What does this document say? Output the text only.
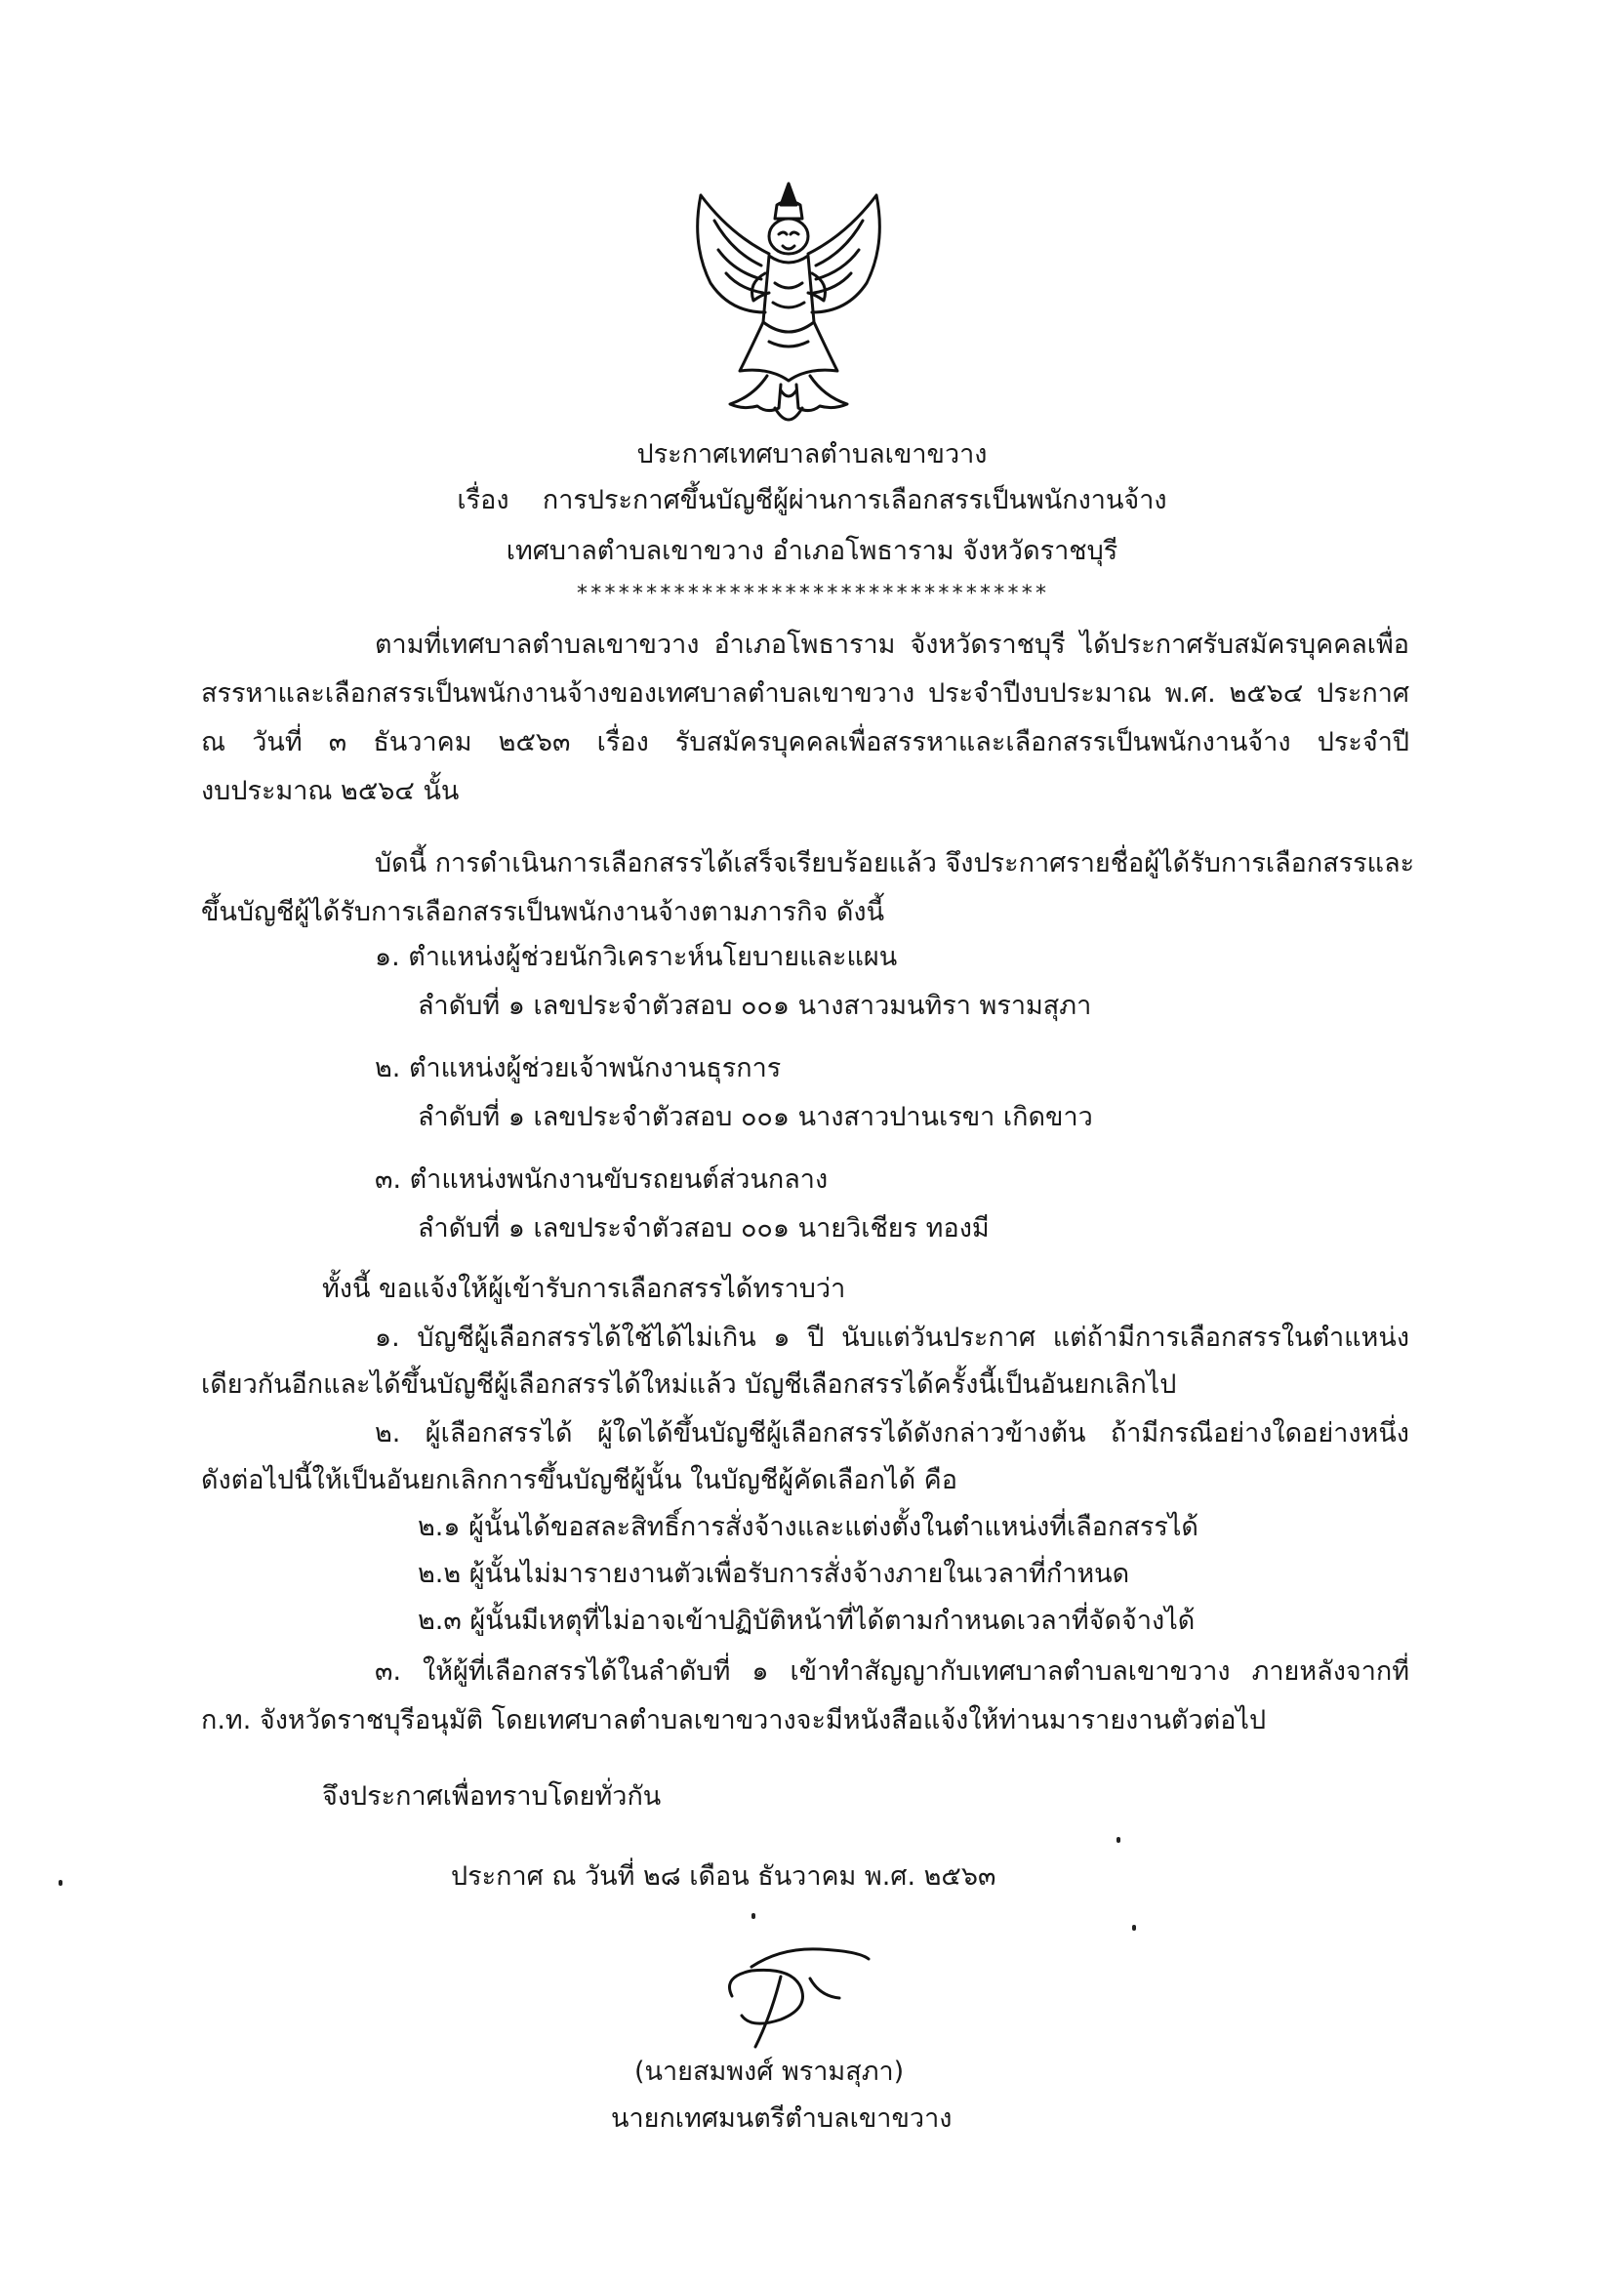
ประกาศเทศบาลตำบลเขาขวาง
เรื่อง การประกาศขึ้นบัญชีผู้ผ่านการเลือกสรรเป็นพนักงานจ้าง
เทศบาลตำบลเขาขวาง อำเภอโพธาราม จังหวัดราชบุรี
**********************************
ตามที่เทศบาลตำบลเขาขวาง อำเภอโพธาราม จังหวัดราชบุรี ได้ประกาศรับสมัครบุคคลเพื่อ
สรรหาและเลือกสรรเป็นพนักงานจ้างของเทศบาลตำบลเขาขวาง ประจำปีงบประมาณ พ.ศ. ๒๕๖๔ ประกาศ
ณ วันที่ ๓ ธันวาคม ๒๕๖๓ เรื่อง รับสมัครบุคคลเพื่อสรรหาและเลือกสรรเป็นพนักงานจ้าง ประจำปี
งบประมาณ ๒๕๖๔ นั้น
บัดนี้ การดำเนินการเลือกสรรได้เสร็จเรียบร้อยแล้ว จึงประกาศรายชื่อผู้ได้รับการเลือกสรรและ
ขึ้นบัญชีผู้ได้รับการเลือกสรรเป็นพนักงานจ้างตามภารกิจ ดังนี้
๑. ตำแหน่งผู้ช่วยนักวิเคราะห์นโยบายและแผน
ลำดับที่ ๑ เลขประจำตัวสอบ ๐๐๑ นางสาวมนทิรา พรามสุภา
๒. ตำแหน่งผู้ช่วยเจ้าพนักงานธุรการ
ลำดับที่ ๑ เลขประจำตัวสอบ ๐๐๑ นางสาวปานเรขา เกิดขาว
๓. ตำแหน่งพนักงานขับรถยนต์ส่วนกลาง
ลำดับที่ ๑ เลขประจำตัวสอบ ๐๐๑ นายวิเชียร ทองมี
ทั้งนี้ ขอแจ้งให้ผู้เข้ารับการเลือกสรรได้ทราบว่า
๑. บัญชีผู้เลือกสรรได้ใช้ได้ไม่เกิน ๑ ปี นับแต่วันประกาศ แต่ถ้ามีการเลือกสรรในตำแหน่ง
เดียวกันอีกและได้ขึ้นบัญชีผู้เลือกสรรได้ใหม่แล้ว บัญชีเลือกสรรได้ครั้งนี้เป็นอันยกเลิกไป
๒. ผู้เลือกสรรได้ ผู้ใดได้ขึ้นบัญชีผู้เลือกสรรได้ดังกล่าวข้างต้น ถ้ามีกรณีอย่างใดอย่างหนึ่ง
ดังต่อไปนี้ให้เป็นอันยกเลิกการขึ้นบัญชีผู้นั้น ในบัญชีผู้คัดเลือกได้ คือ
๒.๑ ผู้นั้นได้ขอสละสิทธิ์การสั่งจ้างและแต่งตั้งในตำแหน่งที่เลือกสรรได้
๒.๒ ผู้นั้นไม่มารายงานตัวเพื่อรับการสั่งจ้างภายในเวลาที่กำหนด
๒.๓ ผู้นั้นมีเหตุที่ไม่อาจเข้าปฏิบัติหน้าที่ได้ตามกำหนดเวลาที่จัดจ้างได้
๓. ให้ผู้ที่เลือกสรรได้ในลำดับที่ ๑ เข้าทำสัญญากับเทศบาลตำบลเขาขวาง ภายหลังจากที่
ก.ท. จังหวัดราชบุรีอนุมัติ โดยเทศบาลตำบลเขาขวางจะมีหนังสือแจ้งให้ท่านมารายงานตัวต่อไป
จึงประกาศเพื่อทราบโดยทั่วกัน
ประกาศ ณ วันที่ ๒๘ เดือน ธันวาคม พ.ศ. ๒๕๖๓
(นายสมพงศ์ พรามสุภา)
นายกเทศมนตรีตำบลเขาขวาง
